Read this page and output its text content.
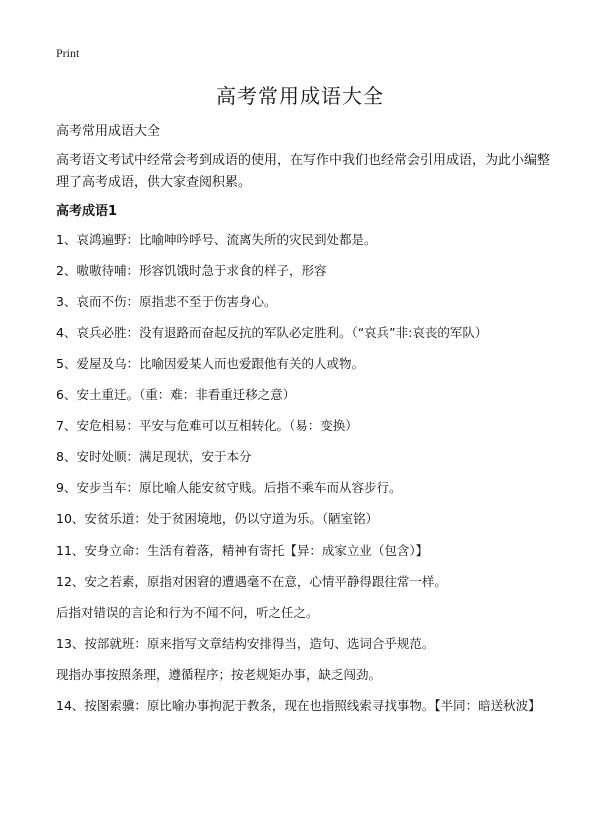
Print
高考常用成语大全
高考常用成语大全

高考语文考试中经常会考到成语的使用，在写作中我们也经常会引用成语，为此小编整理了高考成语，供大家查阅积累。

高考成语1

1、哀鸿遍野：比喻呻吟呼号、流离失所的灾民到处都是。

2、嗷嗷待哺：形容饥饿时急于求食的样子，形容

3、哀而不伤：原指悲不至于伤害身心。

4、哀兵必胜：没有退路而奋起反抗的军队必定胜利。（“哀兵”非:哀丧的军队）

5、爱屋及乌：比喻因爱某人而也爱跟他有关的人或物。

6、安土重迁。（重：难：非看重迁移之意）

7、安危相易：平安与危难可以互相转化。（易：变换）

8、安时处顺：满足现状，安于本分

9、安步当车：原比喻人能安贫守贱。后指不乘车而从容步行。

10、安贫乐道：处于贫困境地，仍以守道为乐。（陋室铭）

11、安身立命：生活有着落，精神有寄托【异：成家立业（包含）】

12、安之若素，原指对困窘的遭遇毫不在意，心情平静得跟往常一样。

后指对错误的言论和行为不闻不问，听之任之。

13、按部就班：原来指写文章结构安排得当，造句、选词合乎规范。

现指办事按照条理，遵循程序；按老规矩办事，缺乏闯劲。

14、按图索骥：原比喻办事拘泥于教条，现在也指照线索寻找事物。【半同：暗送秋波】
